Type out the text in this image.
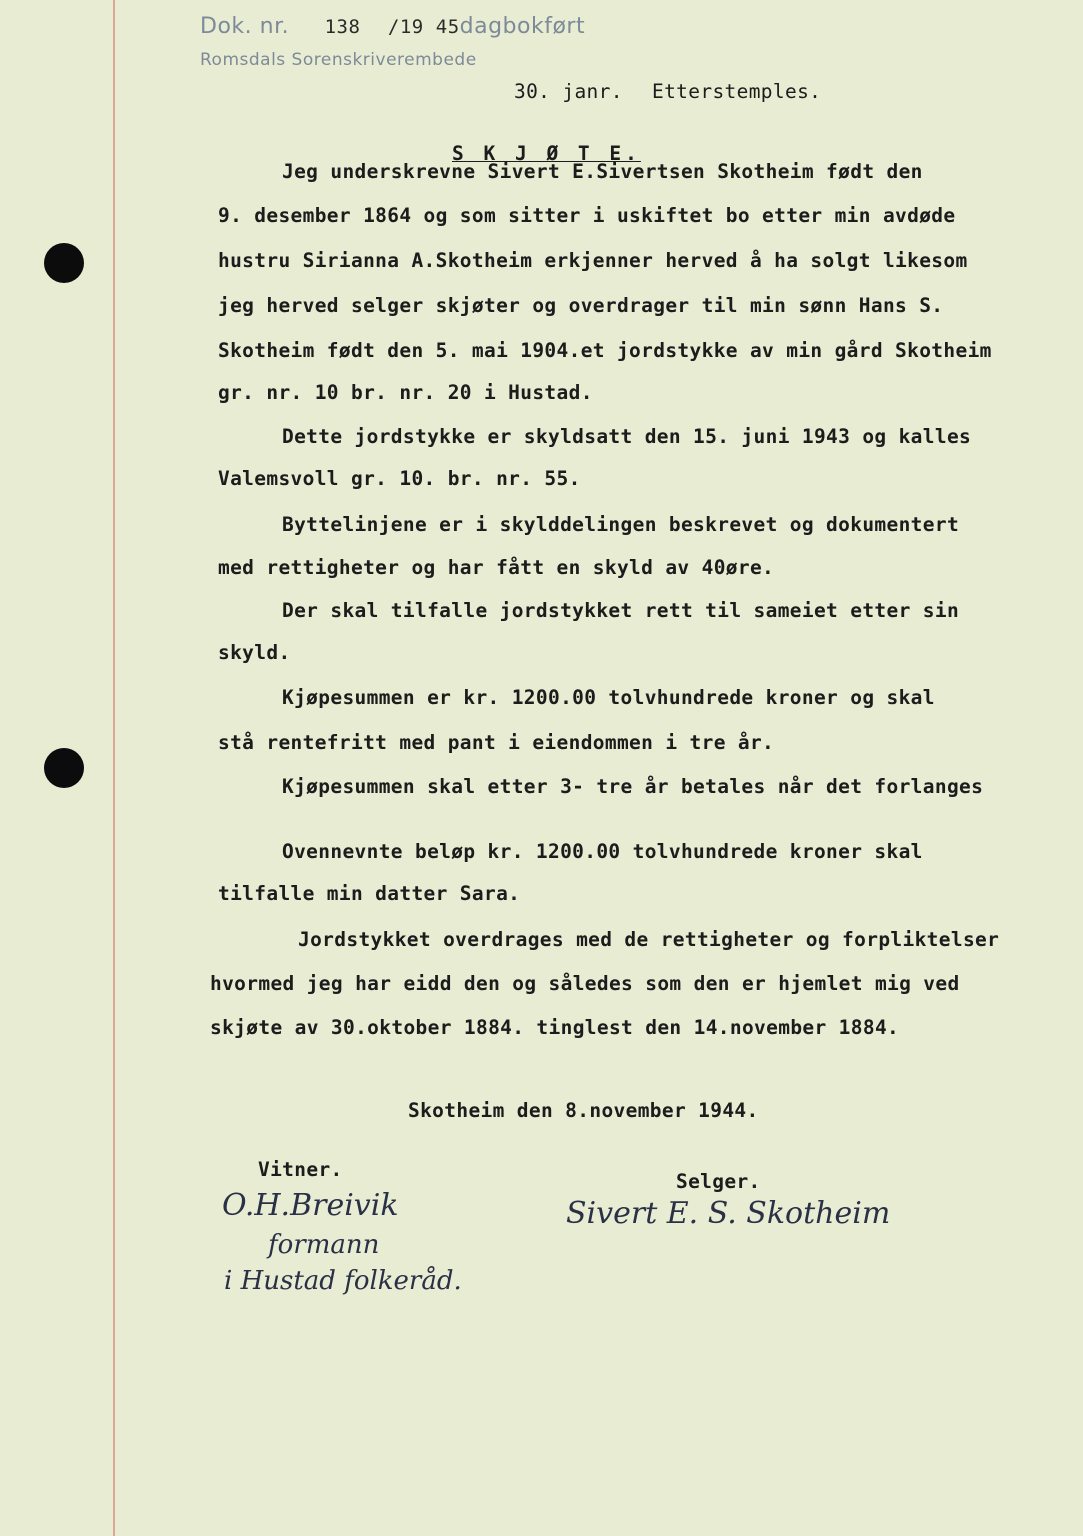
Dok. nr. 138 /19 45dagbokført
Romsdals Sorenskriverembede
30. janr. Etterstemples.
S K J Ø T E.
Jeg underskrevne Sivert E.Sivertsen Skotheim født den
9. desember 1864 og som sitter i uskiftet bo etter min avdøde
hustru Sirianna A.Skotheim erkjenner herved å ha solgt likesom
jeg herved selger skjøter og overdrager til min sønn Hans S.
Skotheim født den 5. mai 1904.et jordstykke av min gård Skotheim
gr. nr. 10 br. nr. 20 i Hustad.
Dette jordstykke er skyldsatt den 15. juni 1943 og kalles
Valemsvoll gr. 10. br. nr. 55.
Byttelinjene er i skylddelingen beskrevet og dokumentert
med rettigheter og har fått en skyld av 40øre.
Der skal tilfalle jordstykket rett til sameiet etter sin
skyld.
Kjøpesummen er kr. 1200.00 tolvhundrede kroner og skal
stå rentefritt med pant i eiendommen i tre år.
Kjøpesummen skal etter 3- tre år betales når det forlanges
Ovennevnte beløp kr. 1200.00 tolvhundrede kroner skal
tilfalle min datter Sara.
Jordstykket overdrages med de rettigheter og forpliktelser
hvormed jeg har eidd den og således som den er hjemlet mig ved
skjøte av 30.oktober 1884. tinglest den 14.november 1884.
Skotheim den 8.november 1944.
Vitner.
Selger.
O.H.Breivik
formann
i Hustad folkeråd.
Sivert E. S. Skotheim
